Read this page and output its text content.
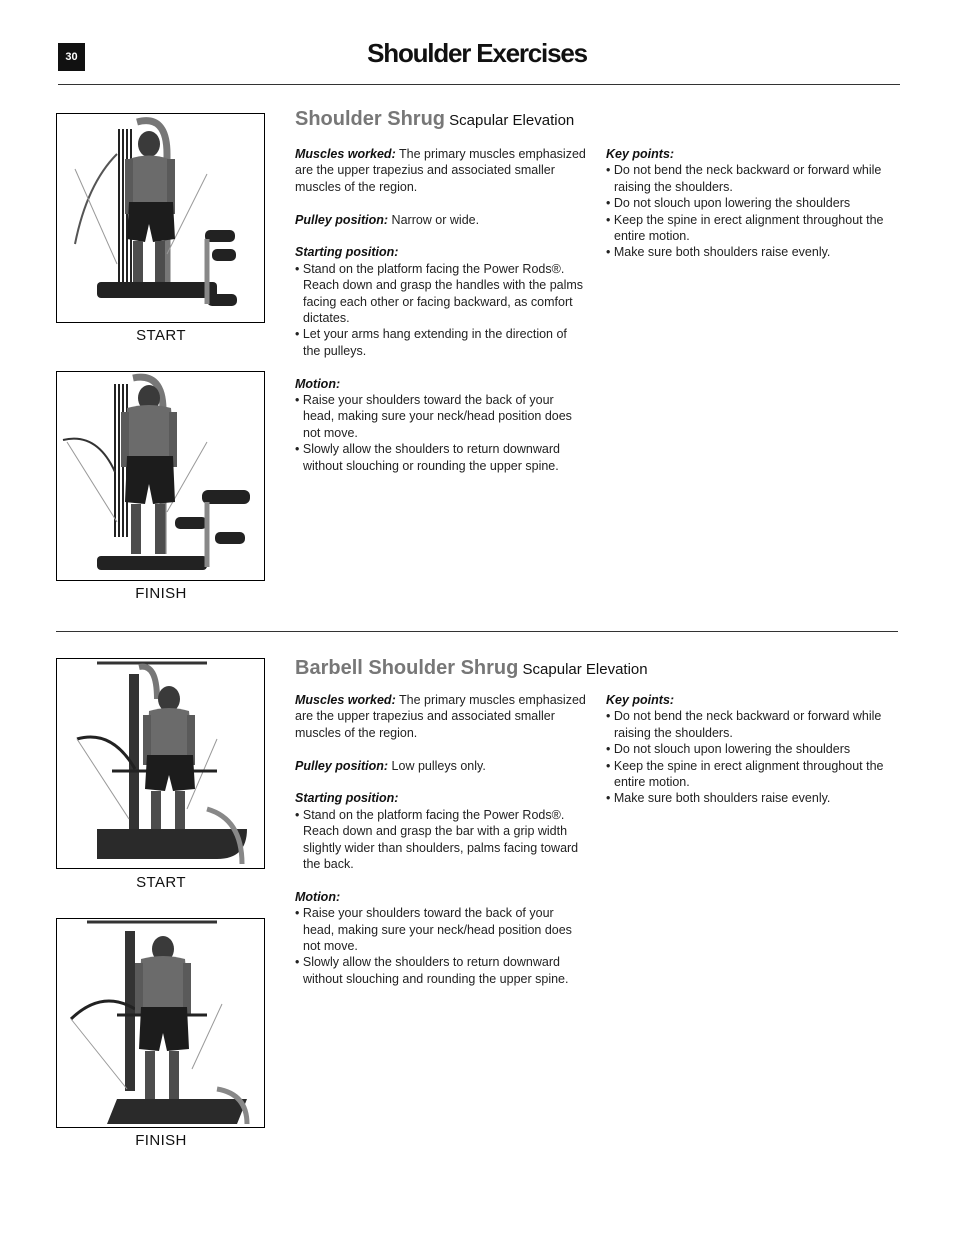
30	Shoulder Exercises
START
FINISH
Shoulder Shrug Scapular Elevation

Muscles worked: The primary muscles emphasized are the upper trapezius and associated smaller muscles of the region.

Pulley position: Narrow or wide.

Starting position:

• Stand on the platform facing the Power Rods®. Reach down and grasp the handles with the palms facing each other or facing backward, as comfort dictates.
• Let your arms hang extending in the direction of the pulleys.

Motion:

• Raise your shoulders toward the back of your head, making sure your neck/head position does not move.
• Slowly allow the shoulders to return downward without slouching or rounding the upper spine.

Key points:

• Do not bend the neck backward or forward while raising the shoulders.
• Do not slouch upon lowering the shoulders
• Keep the spine in erect alignment throughout the entire motion.
• Make sure both shoulders raise evenly.
START
FINISH
Barbell Shoulder Shrug Scapular Elevation

Muscles worked: The primary muscles emphasized are the upper trapezius and associated smaller muscles of the region.

Pulley position: Low pulleys only.

Starting position:

• Stand on the platform facing the Power Rods®. Reach down and grasp the bar with a grip width slightly wider than shoulders, palms facing toward the back.

Motion:

• Raise your shoulders toward the back of your head, making sure your neck/head position does not move.
• Slowly allow the shoulders to return downward without slouching and rounding the upper spine.

Key points:

• Do not bend the neck backward or forward while raising the shoulders.
• Do not slouch upon lowering the shoulders
• Keep the spine in erect alignment throughout the entire motion.
• Make sure both shoulders raise evenly.
